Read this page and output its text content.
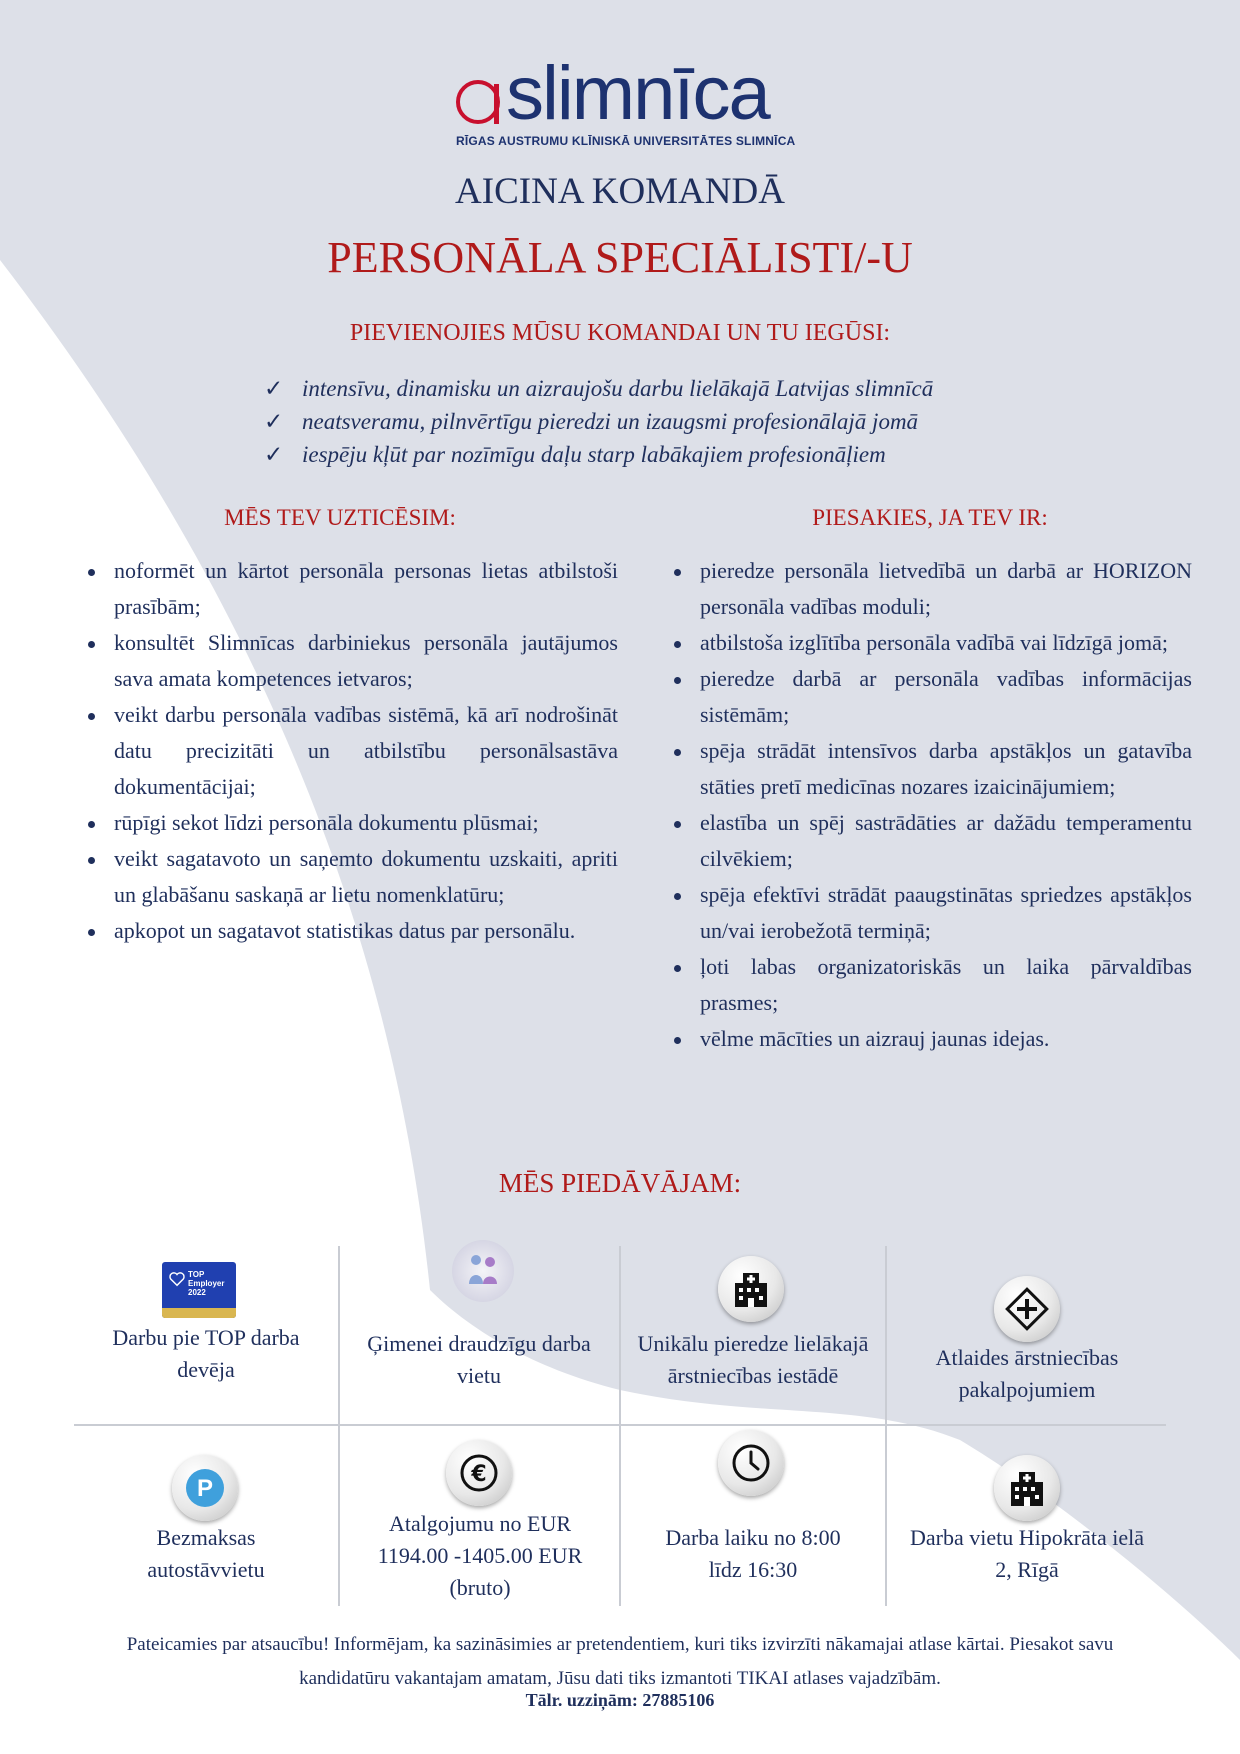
slimnīca
RĪGAS AUSTRUMU KLĪNISKĀ UNIVERSITĀTES SLIMNĪCA
AICINA KOMANDĀ
PERSONĀLA SPECIĀLISTI/-U
PIEVIENOJIES MŪSU KOMANDAI UN TU IEGŪSI:
✓ intensīvu, dinamisku un aizraujošu darbu lielākajā Latvijas slimnīcā
✓ neatsveramu, pilnvērtīgu pieredzi un izaugsmi profesionālajā jomā
✓ iespēju kļūt par nozīmīgu daļu starp labākajiem profesionāļiem
MĒS TEV UZTICĒSIM:	PIESAKIES, JA TEV IR:
noformēt un kārtot personāla personas lietas atbilstoši prasībām;
konsultēt Slimnīcas darbiniekus personāla jautājumos sava amata kompetences ietvaros;
veikt darbu personāla vadības sistēmā, kā arī nodrošināt datu precizitāti un atbilstību personālsastāva dokumentācijai;
rūpīgi sekot līdzi personāla dokumentu plūsmai;
veikt sagatavoto un saņemto dokumentu uzskaiti, apriti un glabāšanu saskaņā ar lietu nomenklatūru;
apkopot un sagatavot statistikas datus par personālu.
pieredze personāla lietvedībā un darbā ar HORIZON personāla vadības moduli;
atbilstoša izglītība personāla vadībā vai līdzīgā jomā;
pieredze darbā ar personāla vadības informācijas sistēmām;
spēja strādāt intensīvos darba apstākļos un gatavība stāties pretī medicīnas nozares izaicinājumiem;
elastība un spēj sastrādāties ar dažādu temperamentu cilvēkiem;
spēja efektīvi strādāt paaugstinātas spriedzes apstākļos un/vai ierobežotā termiņā;
ļoti labas organizatoriskās un laika pārvaldības prasmes;
vēlme mācīties un aizrauj jaunas idejas.
MĒS PIEDĀVĀJAM:
TOP Employer 2022
Darbu pie TOP darba devēja
Ģimenei draudzīgu darba vietu
Unikālu pieredze lielākajā ārstniecības iestādē
Atlaides ārstniecības pakalpojumiem
P
€
Bezmaksas autostāvvietu
Atalgojumu no EUR 1194.00 -1405.00 EUR (bruto)
Darba laiku no 8:00 līdz 16:30
Darba vietu Hipokrāta ielā 2, Rīgā
Pateicamies par atsaucību! Informējam, ka sazināsimies ar pretendentiem, kuri tiks izvirzīti nākamajai atlase kārtai. Piesakot savu kandidatūru vakantajam amatam, Jūsu dati tiks izmantoti TIKAI atlases vajadzībām.
Tālr. uzziņām: 27885106
